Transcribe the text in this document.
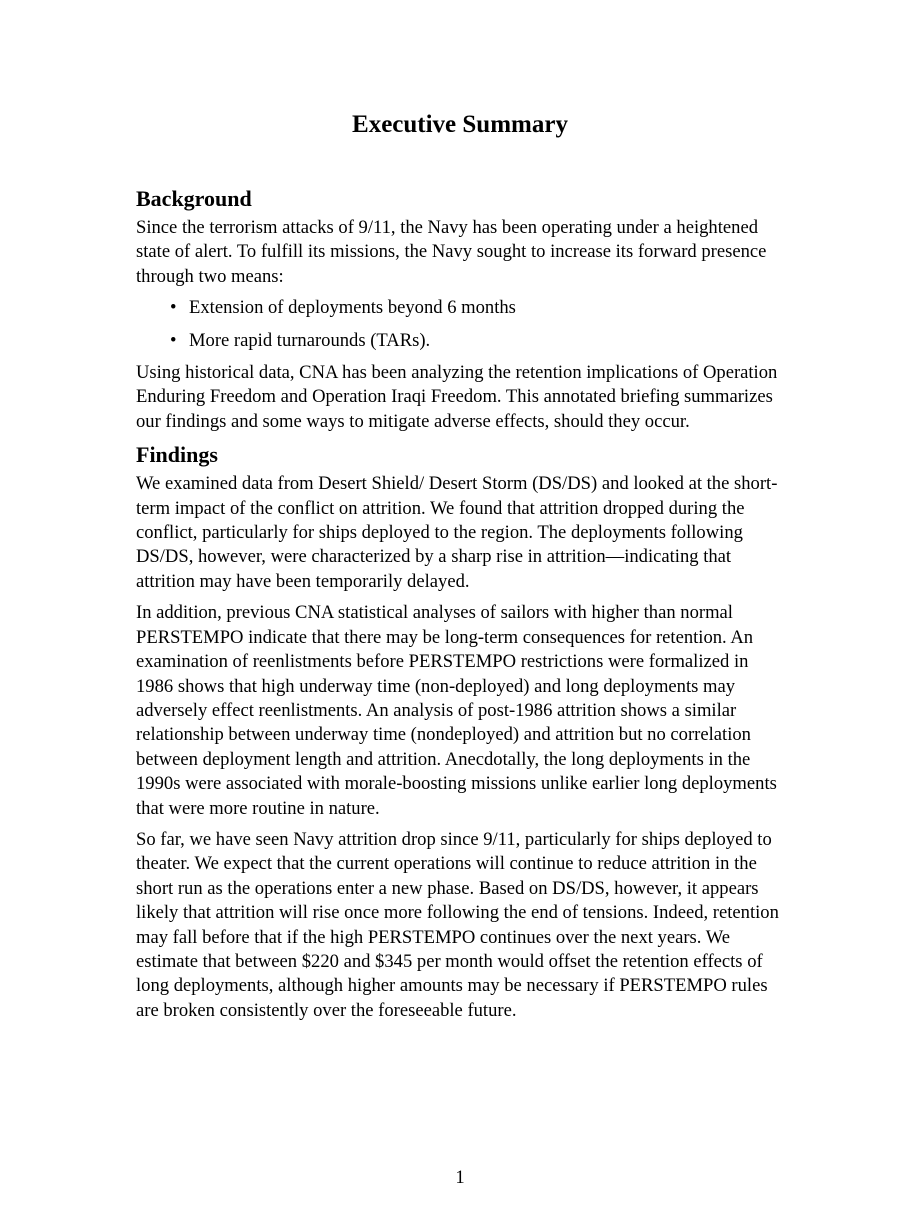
Executive Summary
Background

Since the terrorism attacks of 9/11, the Navy has been operating under a heightened state of alert. To fulfill its missions, the Navy sought to increase its forward presence through two means:

• Extension of deployments beyond 6 months
• More rapid turnarounds (TARs).

Using historical data, CNA has been analyzing the retention implications of Operation Enduring Freedom and Operation Iraqi Freedom. This annotated briefing summarizes our findings and some ways to mitigate adverse effects, should they occur.

Findings

We examined data from Desert Shield/ Desert Storm (DS/DS) and looked at the short-term impact of the conflict on attrition. We found that attrition dropped during the conflict, particularly for ships deployed to the region. The deployments following DS/DS, however, were characterized by a sharp rise in attrition—indicating that attrition may have been temporarily delayed.

In addition, previous CNA statistical analyses of sailors with higher than normal PERSTEMPO indicate that there may be long-term consequences for retention. An examination of reenlistments before PERSTEMPO restrictions were formalized in 1986 shows that high underway time (non-deployed) and long deployments may adversely effect reenlistments. An analysis of post-1986 attrition shows a similar relationship between underway time (nondeployed) and attrition but no correlation between deployment length and attrition. Anecdotally, the long deployments in the 1990s were associated with morale-boosting missions unlike earlier long deployments that were more routine in nature.

So far, we have seen Navy attrition drop since 9/11, particularly for ships deployed to theater. We expect that the current operations will continue to reduce attrition in the short run as the operations enter a new phase. Based on DS/DS, however, it appears likely that attrition will rise once more following the end of tensions. Indeed, retention may fall before that if the high PERSTEMPO continues over the next years. We estimate that between $220 and $345 per month would offset the retention effects of long deployments, although higher amounts may be necessary if PERSTEMPO rules are broken consistently over the foreseeable future.

1
